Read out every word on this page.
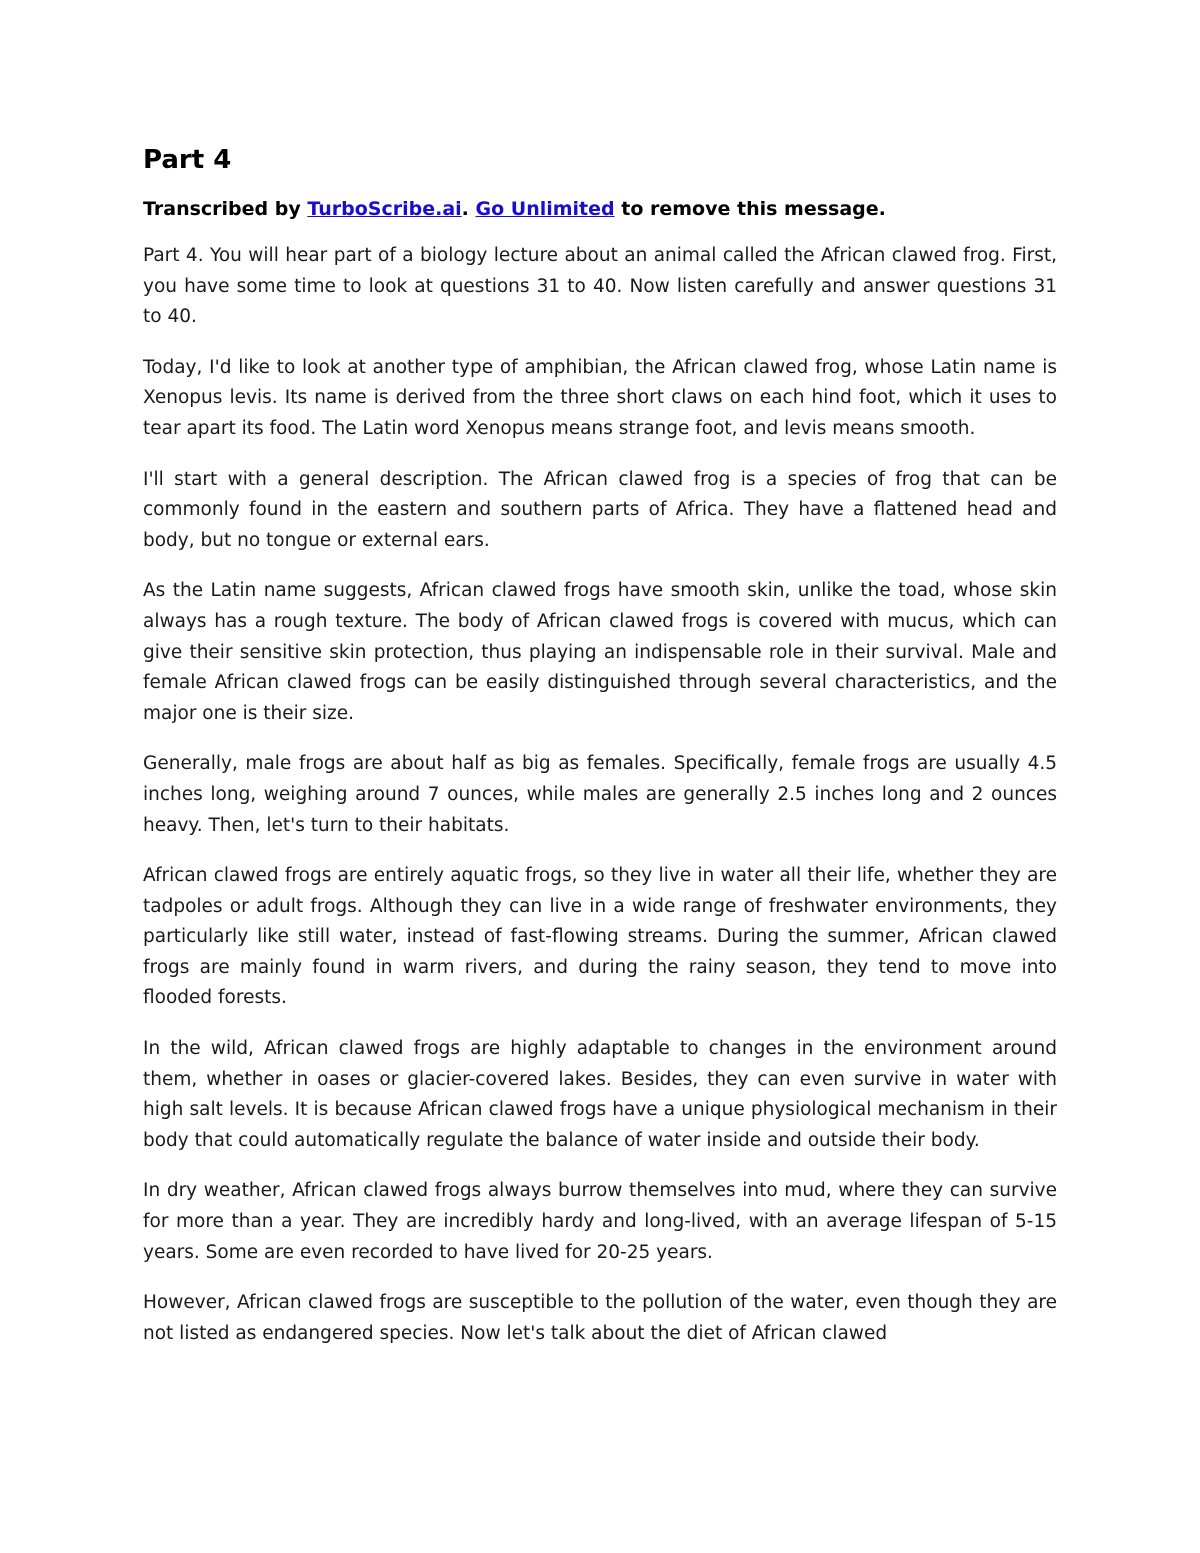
Part 4

Transcribed by TurboScribe.ai. Go Unlimited to remove this message.

Part 4. You will hear part of a biology lecture about an animal called the African clawed frog. First, you have some time to look at questions 31 to 40. Now listen carefully and answer questions 31 to 40.

Today, I'd like to look at another type of amphibian, the African clawed frog, whose Latin name is Xenopus levis. Its name is derived from the three short claws on each hind foot, which it uses to tear apart its food. The Latin word Xenopus means strange foot, and levis means smooth.

I'll start with a general description. The African clawed frog is a species of frog that can be commonly found in the eastern and southern parts of Africa. They have a flattened head and body, but no tongue or external ears.

As the Latin name suggests, African clawed frogs have smooth skin, unlike the toad, whose skin always has a rough texture. The body of African clawed frogs is covered with mucus, which can give their sensitive skin protection, thus playing an indispensable role in their survival. Male and female African clawed frogs can be easily distinguished through several characteristics, and the major one is their size.

Generally, male frogs are about half as big as females. Specifically, female frogs are usually 4.5 inches long, weighing around 7 ounces, while males are generally 2.5 inches long and 2 ounces heavy. Then, let's turn to their habitats.

African clawed frogs are entirely aquatic frogs, so they live in water all their life, whether they are tadpoles or adult frogs. Although they can live in a wide range of freshwater environments, they particularly like still water, instead of fast-flowing streams. During the summer, African clawed frogs are mainly found in warm rivers, and during the rainy season, they tend to move into flooded forests.

In the wild, African clawed frogs are highly adaptable to changes in the environment around them, whether in oases or glacier-covered lakes. Besides, they can even survive in water with high salt levels. It is because African clawed frogs have a unique physiological mechanism in their body that could automatically regulate the balance of water inside and outside their body.

In dry weather, African clawed frogs always burrow themselves into mud, where they can survive for more than a year. They are incredibly hardy and long-lived, with an average lifespan of 5-15 years. Some are even recorded to have lived for 20-25 years.

However, African clawed frogs are susceptible to the pollution of the water, even though they are not listed as endangered species. Now let's talk about the diet of African clawed
